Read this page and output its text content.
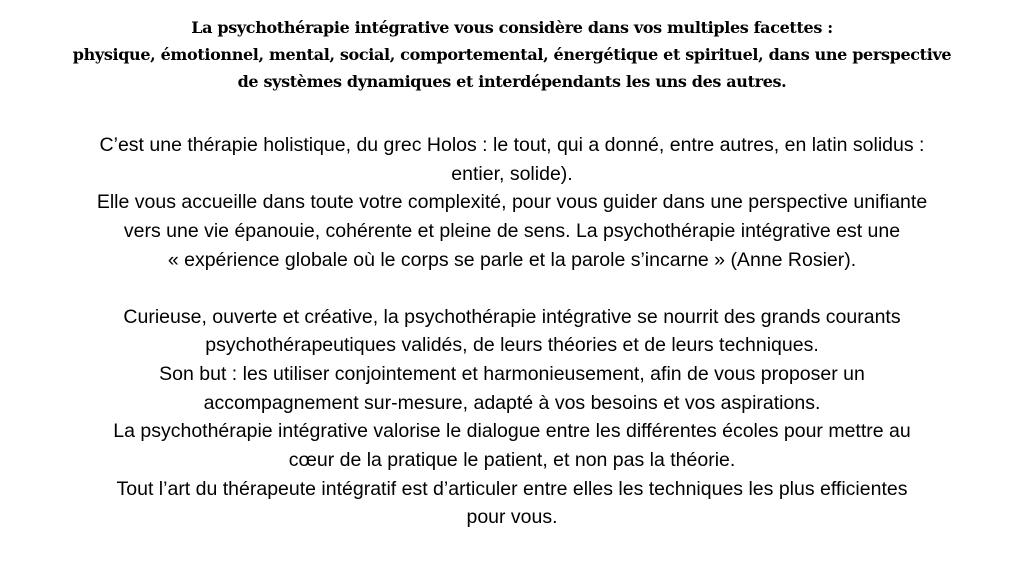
La psychothérapie intégrative vous considère dans vos multiples facettes :
physique, émotionnel, mental, social, comportemental, énergétique et spirituel, dans une perspective
de systèmes dynamiques et interdépendants les uns des autres.

C’est une thérapie holistique, du grec Holos : le tout, qui a donné, entre autres, en latin solidus :
entier, solide).
Elle vous accueille dans toute votre complexité, pour vous guider dans une perspective unifiante
vers une vie épanouie, cohérente et pleine de sens. La psychothérapie intégrative est une
« expérience globale où le corps se parle et la parole s’incarne » (Anne Rosier).

Curieuse, ouverte et créative, la psychothérapie intégrative se nourrit des grands courants
psychothérapeutiques validés, de leurs théories et de leurs techniques.
Son but : les utiliser conjointement et harmonieusement, afin de vous proposer un
accompagnement sur-mesure, adapté à vos besoins et vos aspirations.
La psychothérapie intégrative valorise le dialogue entre les différentes écoles pour mettre au
cœur de la pratique le patient, et non pas la théorie.
Tout l’art du thérapeute intégratif est d’articuler entre elles les techniques les plus efficientes
pour vous.
